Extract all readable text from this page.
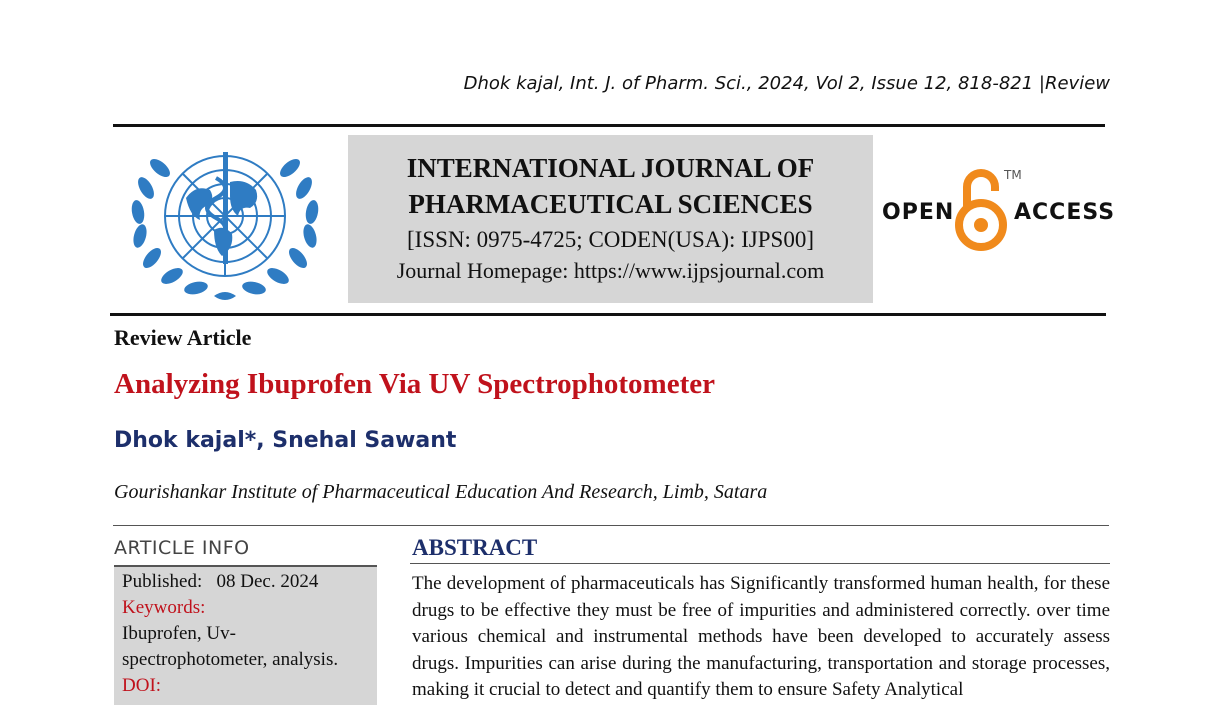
Dhok kajal, Int. J. of Pharm. Sci., 2024, Vol 2, Issue 12, 818-821 |Review
INTERNATIONAL JOURNAL OF
PHARMACEUTICAL SCIENCES
[ISSN: 0975-4725; CODEN(USA): IJPS00]
Journal Homepage: https://www.ijpsjournal.com
OPEN
TM
ACCESS
Review Article
Analyzing Ibuprofen Via UV Spectrophotometer
Dhok kajal*, Snehal Sawant
Gourishankar Institute of Pharmaceutical Education And Research, Limb, Satara
ARTICLE INFO
Published: 08 Dec. 2024
Keywords:
Ibuprofen, Uv-
spectrophotometer, analysis.
DOI:
ABSTRACT
The development of pharmaceuticals has Significantly transformed human health, for these drugs to be effective they must be free of impurities and administered correctly. over time various chemical and instrumental methods have been developed to accurately assess drugs. Impurities can arise during the manufacturing, transportation and storage processes, making it crucial to detect and quantify them to ensure Safety Analytical
